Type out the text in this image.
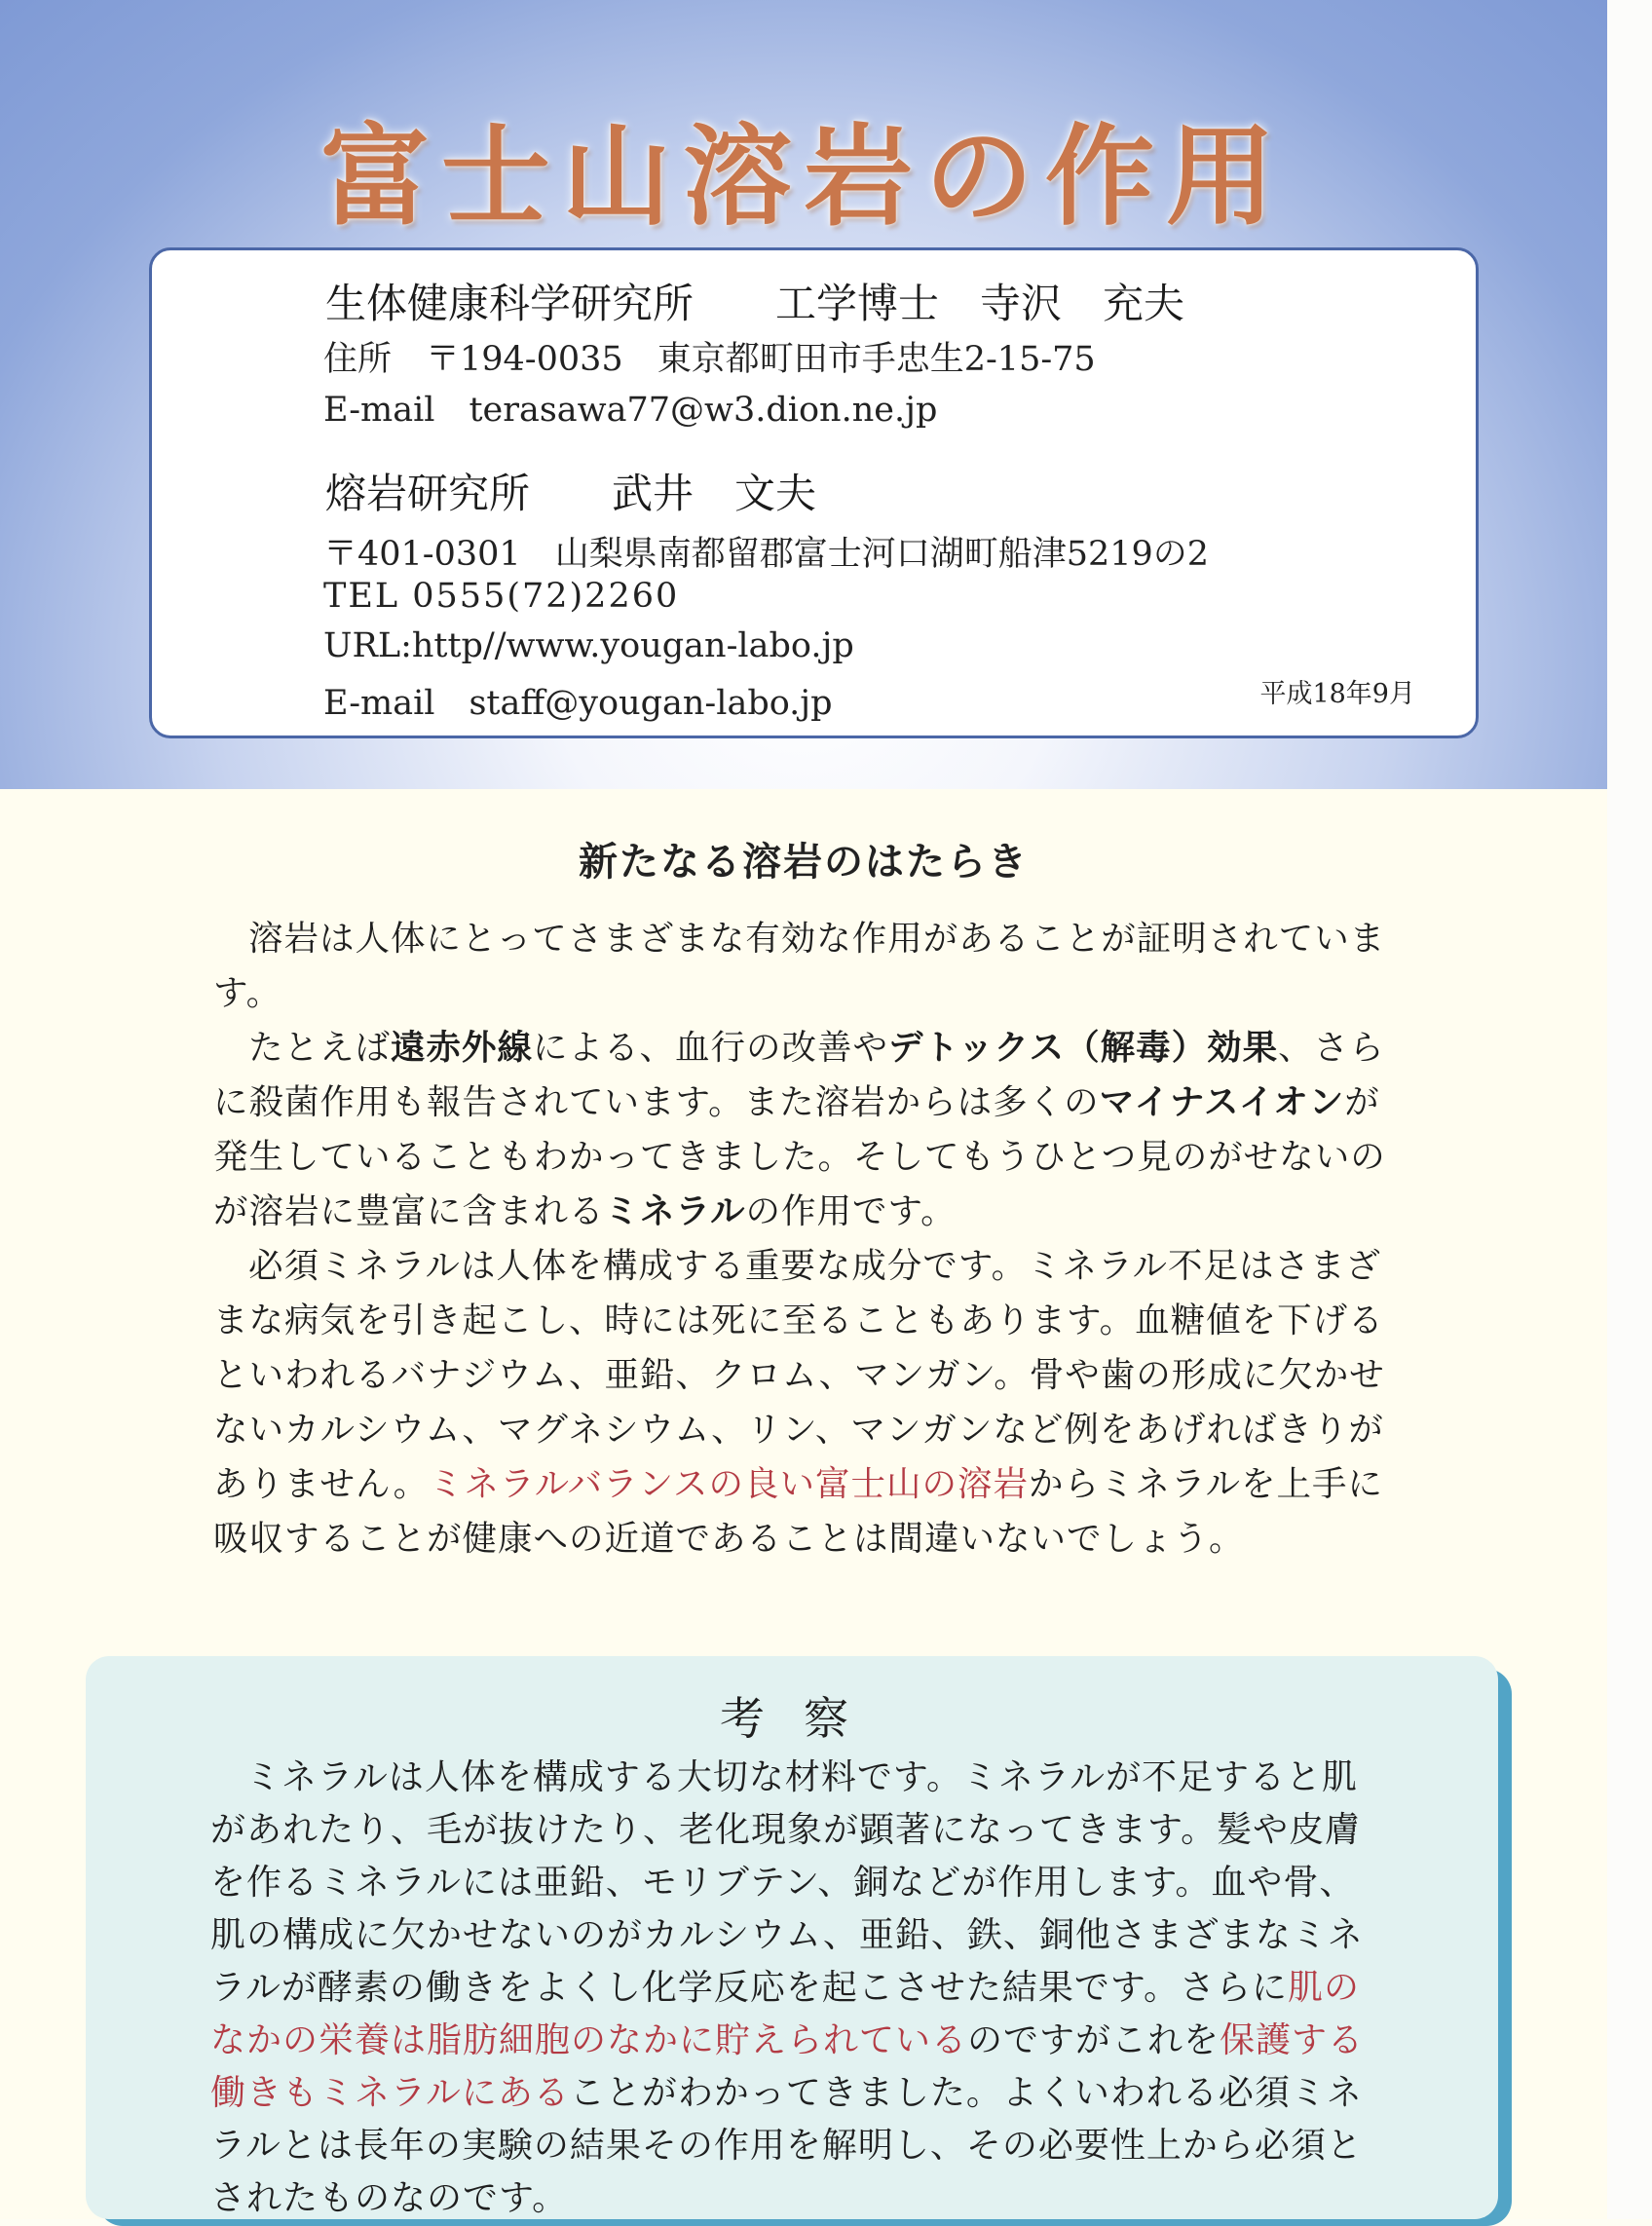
富士山溶岩の作用
生体健康科学研究所　　工学博士　寺沢　充夫
住所　〒194-0035　東京都町田市手忠生2-15-75
E-mail　terasawa77@w3.dion.ne.jp
熔岩研究所　　武井　文夫
〒401-0301　山梨県南都留郡富士河口湖町船津5219の2
TEL 0555(72)2260
URL:http//www.yougan-labo.jp
E-mail　staff@yougan-labo.jp	平成18年9月
新たなる溶岩のはたらき

溶岩は人体にとってさまざまな有効な作用があることが証明されています。

たとえば遠赤外線による、血行の改善やデトックス（解毒）効果、さらに殺菌作用も報告されています。また溶岩からは多くのマイナスイオンが発生していることもわかってきました。そしてもうひとつ見のがせないのが溶岩に豊富に含まれるミネラルの作用です。

必須ミネラルは人体を構成する重要な成分です。ミネラル不足はさまざまな病気を引き起こし、時には死に至ることもあります。血糖値を下げるといわれるバナジウム、亜鉛、クロム、マンガン。骨や歯の形成に欠かせないカルシウム、マグネシウム、リン、マンガンなど例をあげればきりがありません。ミネラルバランスの良い富士山の溶岩からミネラルを上手に吸収することが健康への近道であることは間違いないでしょう。

考察

ミネラルは人体を構成する大切な材料です。ミネラルが不足すると肌があれたり、毛が抜けたり、老化現象が顕著になってきます。髪や皮膚を作るミネラルには亜鉛、モリブテン、銅などが作用します。血や骨、肌の構成に欠かせないのがカルシウム、亜鉛、鉄、銅他さまざまなミネラルが酵素の働きをよくし化学反応を起こさせた結果です。さらに肌のなかの栄養は脂肪細胞のなかに貯えられているのですがこれを保護する働きもミネラルにあることがわかってきました。よくいわれる必須ミネラルとは長年の実験の結果その作用を解明し、その必要性上から必須とされたものなのです。
